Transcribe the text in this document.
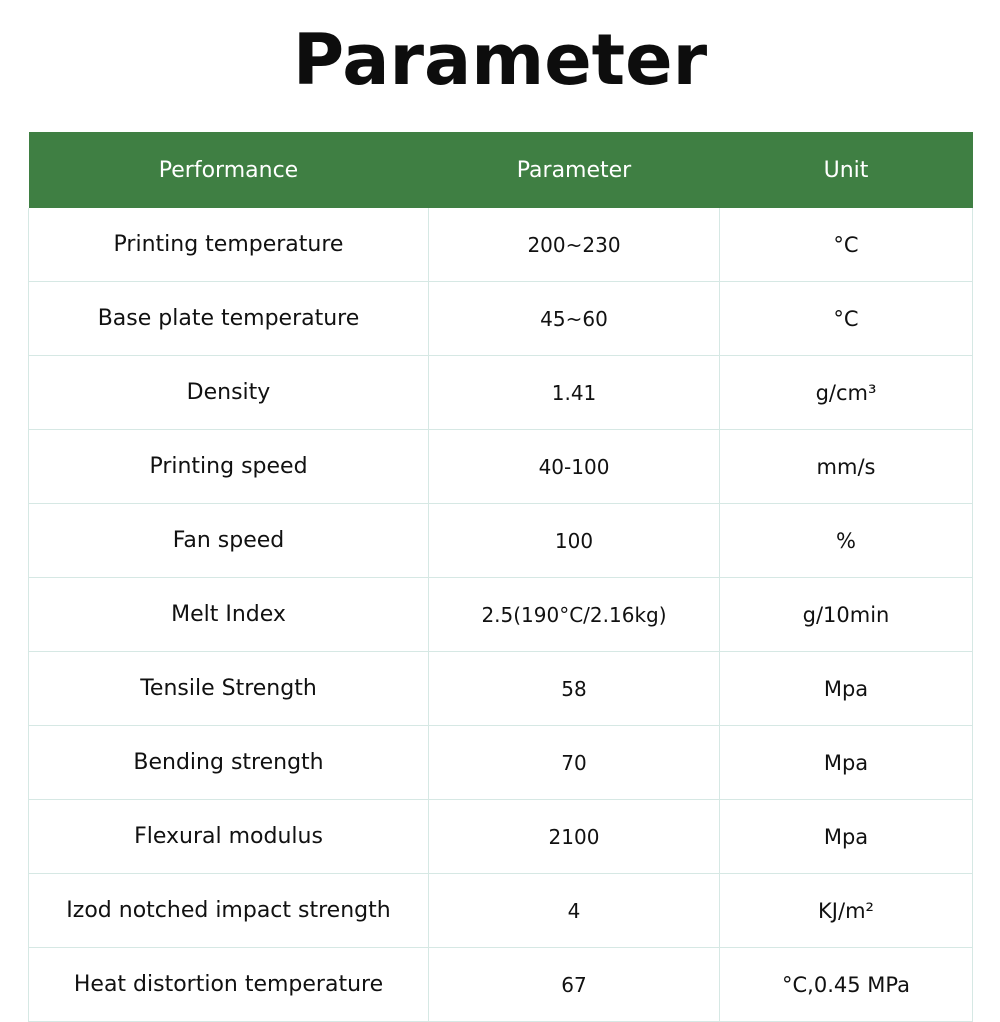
Parameter
Performance	Parameter	Unit
Printing temperature	200~230	°C
Base plate temperature	45~60	°C
Density	1.41	g/cm³
Printing speed	40-100	mm/s
Fan speed	100	%
Melt Index	2.5(190°C/2.16kg)	g/10min
Tensile Strength	58	Mpa
Bending strength	70	Mpa
Flexural modulus	2100	Mpa
Izod notched impact strength	4	KJ/m²
Heat distortion temperature	67	°C,0.45 MPa
